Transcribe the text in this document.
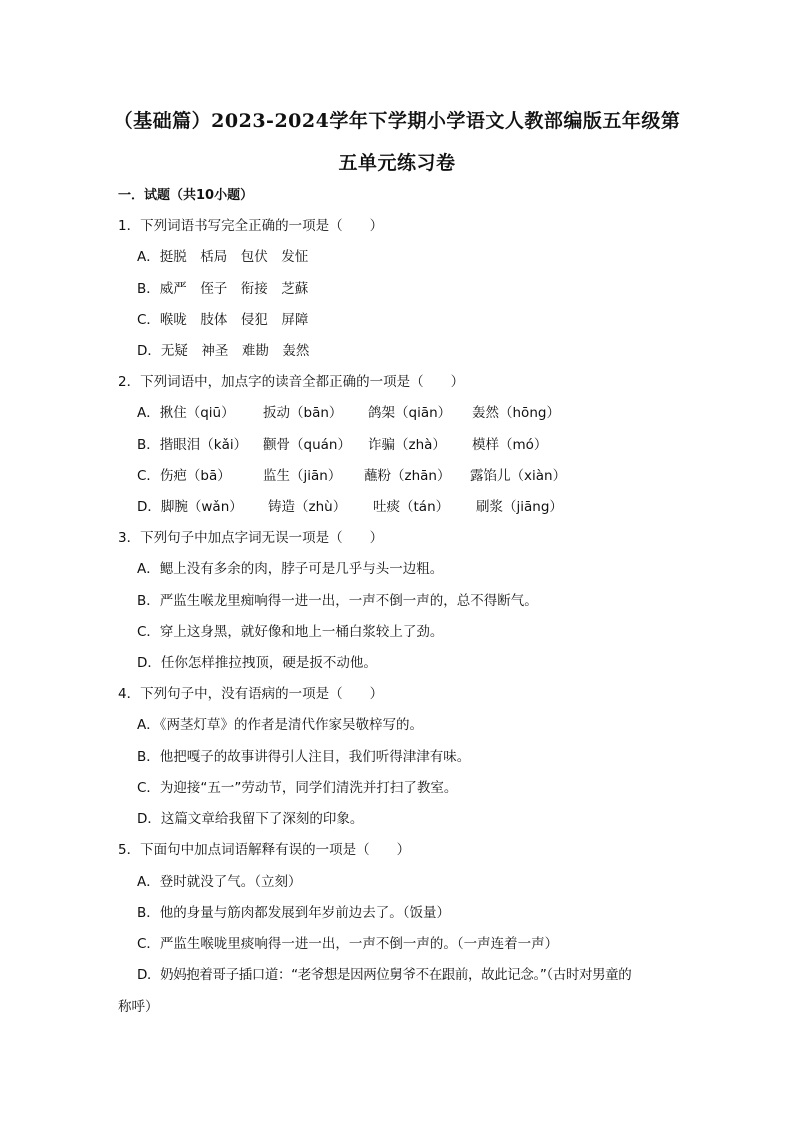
（基础篇）2023-2024学年下学期小学语文人教部编版五年级第
五单元练习卷
一．试题（共10小题）
1．下列词语书写完全正确的一项是（　　）
A．挺脱　栝局　包伏　发怔
B．威严　侄子　衔接　芝蘇
C．喉咙　肢体　侵犯　屏障
D．无疑　神圣　难勘　轰然
2．下列词语中，加点字的读音全都正确的一项是（　　）
A．揪住（qiū） 扳动（bān） 鸽架（qiān） 轰然（hōng）
B．揩眼泪（kǎi） 颧骨（quán） 诈骗（zhà） 模样（mó）
C．伤疤（bā） 监生（jiān） 蘸粉（zhān） 露馅儿（xiàn）
D．脚腕（wǎn） 铸造（zhù） 吐痰（tán） 刷浆（jiāng）
3．下列句子中加点字词无误一项是（　　）
A．鳃上没有多余的肉，脖子可是几乎与头一边粗。
B．严监生喉龙里痴响得一进一出，一声不倒一声的，总不得断气。
C．穿上这身黑，就好像和地上一桶白浆较上了劲。
D．任你怎样推拉拽顶，硬是扳不动他。
4．下列句子中，没有语病的一项是（　　）
A．《两茎灯草》的作者是清代作家吴敬梓写的。
B．他把嘎子的故事讲得引人注目，我们听得津津有味。
C．为迎接“五一”劳动节，同学们清洗并打扫了教室。
D．这篇文章给我留下了深刻的印象。
5．下面句中加点词语解释有误的一项是（　　）
A．登时就没了气。（立刻）
B．他的身量与筋肉都发展到年岁前边去了。（饭量）
C．严监生喉咙里痰响得一进一出，一声不倒一声的。（一声连着一声）
D．奶妈抱着哥子插口道：“老爷想是因两位舅爷不在跟前，故此记念。”（古时对男童的
称呼）
